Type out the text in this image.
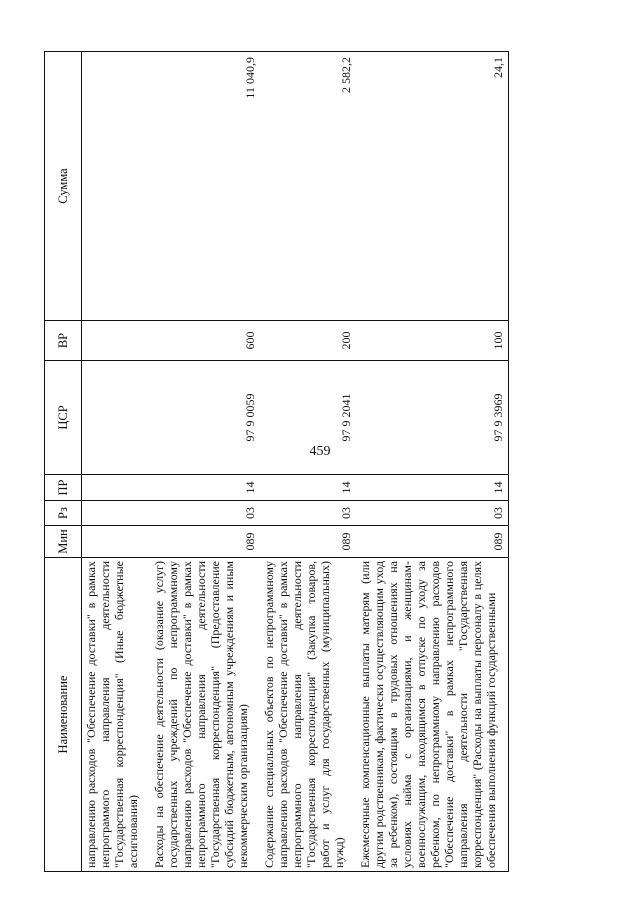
459
Наименование	Мин	Рз	ПР	ЦСР	ВР	Сумма
направлению расходов "Обеспечение доставки" в рамках непрограммого направления деятельности "Государственная корреспонденция" (Иные бюджетные ассигнования)						
Расходы на обеспечение деятельности (оказание услуг) государственных учреждений по непрограммному направлению расходов "Обеспечение доставки" в рамках непрограммного направления деятельности "Государственная корреспонденция" (Предоставление субсидий бюджетным, автономным учреждениям и иным некоммерческим организациям)	089	03	14	97 9 0059	600	11 040,9
Содержание специальных объектов по непрограммному направлению расходов "Обеспечение доставки" в рамках непрограммного направления деятельности "Государственная корреспонденция" (Закупка товаров, работ и услуг для государственных (муниципальных) нужд)	089	03	14	97 9 2041	200	2 582,2
Ежемесячные компенсационные выплаты матерям (или другим родственникам, фактически осуществляющим уход за ребенком), состоящим в трудовых отношениях на условиях найма с организациями, и женщинам-военнослужащим, находящимся в отпуске по уходу за ребенком, по непрограммному направлению расходов "Обеспечение доставки" в рамках непрограммного направления деятельности "Государственная корреспонденция" (Расходы на выплаты персоналу в целях обеспечения выполнения функций государственными	089	03	14	97 9 3969	100	24,1
